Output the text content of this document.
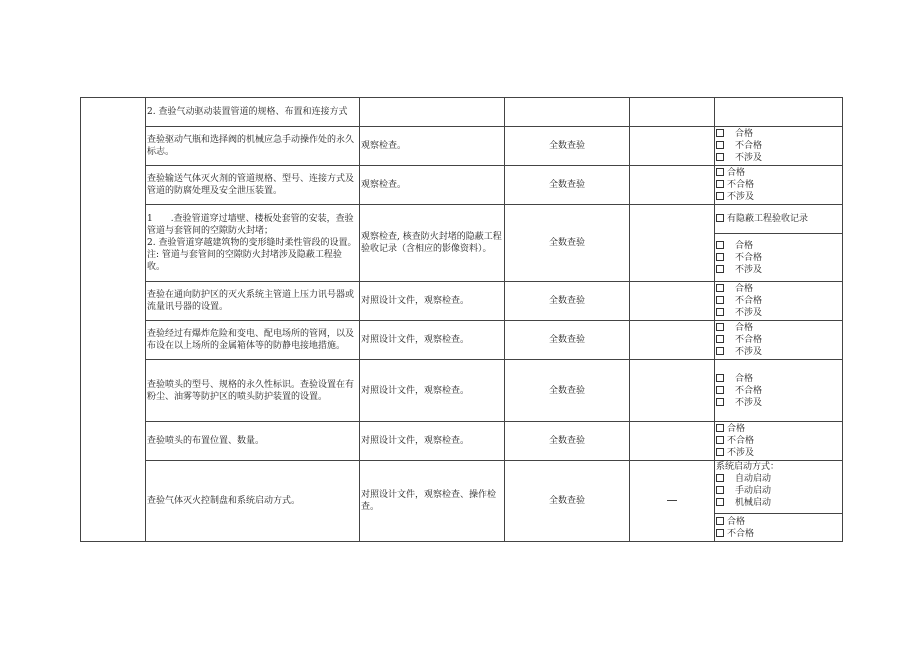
	2. 查验气动驱动装置管道的规格、布置和连接方式				
	查验驱动气瓶和选择阀的机械应急手动操作处的永久标志。	观察检查。	全数查验		合格
不合格
不涉及

	查验输送气体灭火剂的管道规格、型号、连接方式及管道的防腐处理及安全泄压装置。	观察检查。	全数查验		合格
不合格
不涉及

	1　　.查验管道穿过墙壁、楼板处套管的安装，查验管道与套管间的空隙防火封堵；
2. 查验管道穿越建筑物的变形缝时柔性管段的设置。
注: 管道与套管间的空隙防火封堵涉及隐蔽工程验收。	观察检查, 核查防火封堵的隐蔽工程验收记录（含相应的影像资料）。	全数查验		有隐蔽工程验收记录

					合格
不合格
不涉及

	查验在通向防护区的灭火系统主管道上压力讯号器或流量讯号器的设置。	对照设计文件，观察检查。	全数查验		合格
不合格
不涉及

	查验经过有爆炸危险和变电、配电场所的管网，以及布设在以上场所的金属箱体等的防静电接地措施。	对照设计文件，观察检查。	全数查验		合格
不合格
不涉及

	查验喷头的型号、规格的永久性标识。查验设置在有粉尘、油雾等防护区的喷头防护装置的设置。	对照设计文件，观察检查。	全数查验		合格
不合格
不涉及

	查验喷头的布置位置、数量。	对照设计文件，观察检查。	全数查验		合格
不合格
不涉及

	查验气体灭火控制盘和系统启动方式。	对照设计文件，观察检查、操作检查。	全数查验		系统启动方式：
自动启动
手动启动
机械启动

					合格
不合格
